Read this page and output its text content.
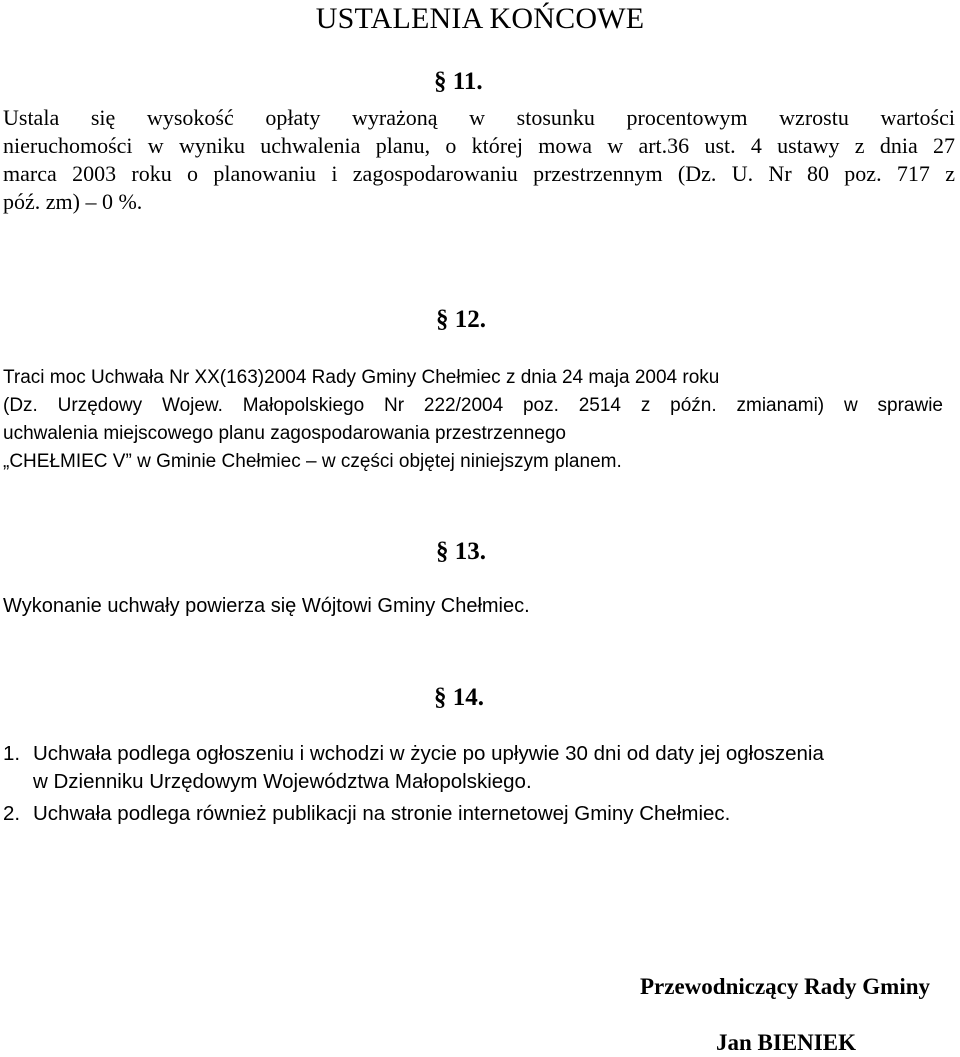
USTALENIA KOŃCOWE
§ 11.
Ustala się wysokość opłaty wyrażoną w stosunku procentowym wzrostu wartości
nieruchomości w wyniku uchwalenia planu, o której mowa w art.36 ust. 4 ustawy z dnia 27
marca 2003 roku o planowaniu i zagospodarowaniu przestrzennym (Dz. U. Nr 80 poz. 717 z
póź. zm) – 0 %.
§ 12.
Traci moc Uchwała Nr XX(163)2004 Rady Gminy Chełmiec z dnia 24 maja 2004 roku
(Dz. Urzędowy Wojew. Małopolskiego Nr 222/2004 poz. 2514 z późn. zmianami) w sprawie
uchwalenia miejscowego planu zagospodarowania przestrzennego
„CHEŁMIEC V” w Gminie Chełmiec – w części objętej niniejszym planem.
§ 13.
Wykonanie uchwały powierza się Wójtowi Gminy Chełmiec.
§ 14.
1. Uchwała podlega ogłoszeniu i wchodzi w życie po upływie 30 dni od daty jej ogłoszenia
w Dzienniku Urzędowym Województwa Małopolskiego.
2. Uchwała podlega również publikacji na stronie internetowej Gminy Chełmiec.
Przewodniczący Rady Gminy
Jan BIENIEK
